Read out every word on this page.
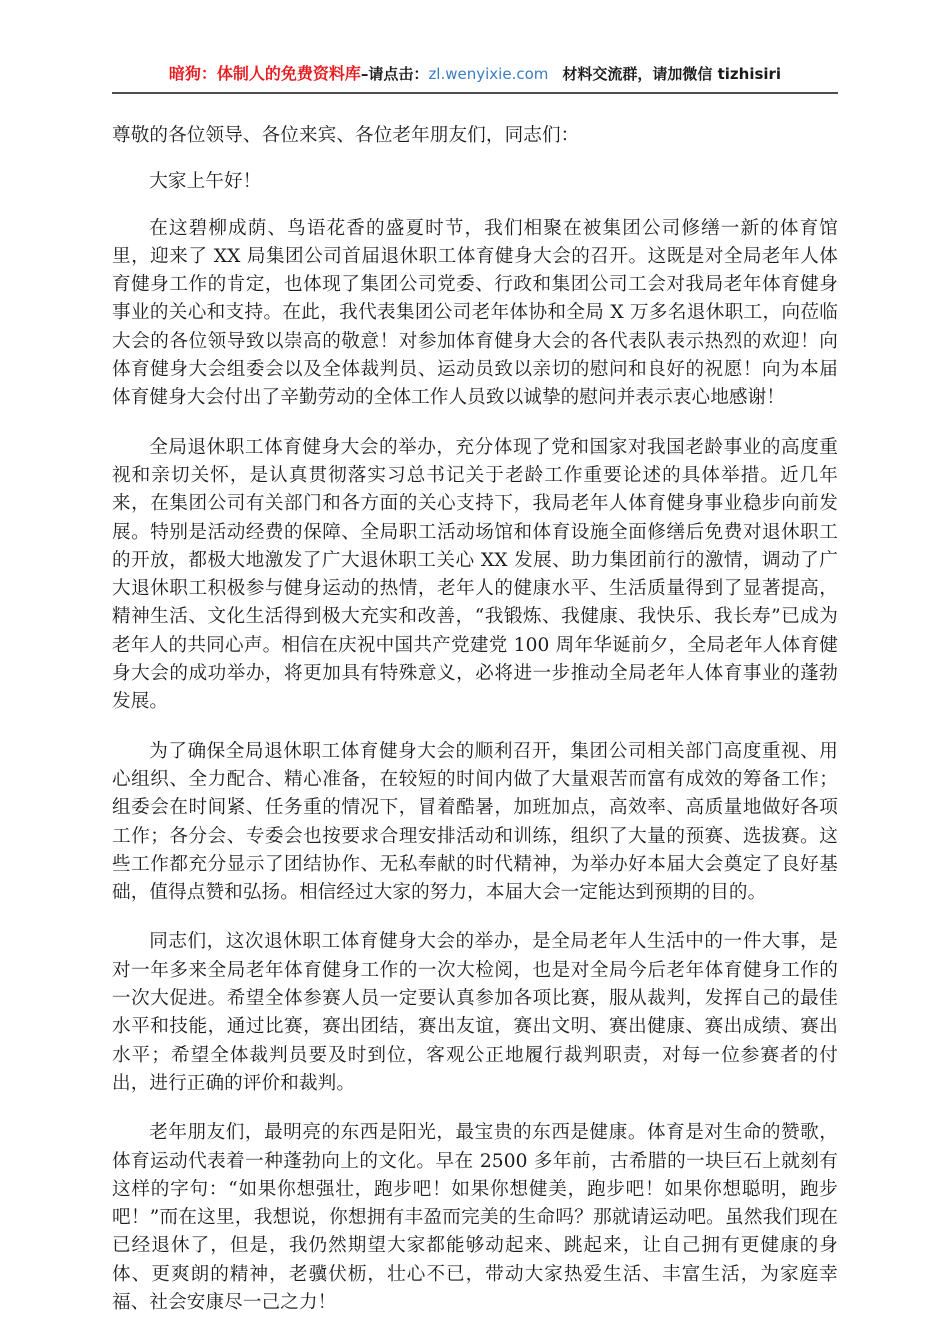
暗狗：体制人的免费资料库–请点击：zl.wenyixie.com 材料交流群，请加微信 tizhisiri

尊敬的各位领导、各位来宾、各位老年朋友们，同志们：

大家上午好！

在这碧柳成荫、鸟语花香的盛夏时节，我们相聚在被集团公司修缮一新的体育馆里，迎来了 XX 局集团公司首届退休职工体育健身大会的召开。这既是对全局老年人体育健身工作的肯定，也体现了集团公司党委、行政和集团公司工会对我局老年体育健身事业的关心和支持。在此，我代表集团公司老年体协和全局 X 万多名退休职工，向莅临大会的各位领导致以崇高的敬意！对参加体育健身大会的各代表队表示热烈的欢迎！向体育健身大会组委会以及全体裁判员、运动员致以亲切的慰问和良好的祝愿！向为本届体育健身大会付出了辛勤劳动的全体工作人员致以诚挚的慰问并表示衷心地感谢！

全局退休职工体育健身大会的举办，充分体现了党和国家对我国老龄事业的高度重视和亲切关怀，是认真贯彻落实习总书记关于老龄工作重要论述的具体举措。近几年来，在集团公司有关部门和各方面的关心支持下，我局老年人体育健身事业稳步向前发展。特别是活动经费的保障、全局职工活动场馆和体育设施全面修缮后免费对退休职工的开放，都极大地激发了广大退休职工关心 XX 发展、助力集团前行的激情，调动了广大退休职工积极参与健身运动的热情，老年人的健康水平、生活质量得到了显著提高，精神生活、文化生活得到极大充实和改善，“我锻炼、我健康、我快乐、我长寿”已成为老年人的共同心声。相信在庆祝中国共产党建党 100 周年华诞前夕，全局老年人体育健身大会的成功举办，将更加具有特殊意义，必将进一步推动全局老年人体育事业的蓬勃发展。

为了确保全局退休职工体育健身大会的顺利召开，集团公司相关部门高度重视、用心组织、全力配合、精心准备，在较短的时间内做了大量艰苦而富有成效的筹备工作；组委会在时间紧、任务重的情况下，冒着酷暑，加班加点，高效率、高质量地做好各项工作；各分会、专委会也按要求合理安排活动和训练，组织了大量的预赛、选拔赛。这些工作都充分显示了团结协作、无私奉献的时代精神，为举办好本届大会奠定了良好基础，值得点赞和弘扬。相信经过大家的努力，本届大会一定能达到预期的目的。

同志们，这次退休职工体育健身大会的举办，是全局老年人生活中的一件大事，是对一年多来全局老年体育健身工作的一次大检阅，也是对全局今后老年体育健身工作的一次大促进。希望全体参赛人员一定要认真参加各项比赛，服从裁判，发挥自己的最佳水平和技能，通过比赛，赛出团结，赛出友谊，赛出文明、赛出健康、赛出成绩、赛出水平；希望全体裁判员要及时到位，客观公正地履行裁判职责，对每一位参赛者的付出，进行正确的评价和裁判。

老年朋友们，最明亮的东西是阳光，最宝贵的东西是健康。体育是对生命的赞歌，体育运动代表着一种蓬勃向上的文化。早在 2500 多年前，古希腊的一块巨石上就刻有这样的字句：“如果你想强壮，跑步吧！如果你想健美，跑步吧！如果你想聪明，跑步吧！”而在这里，我想说，你想拥有丰盈而完美的生命吗？那就请运动吧。虽然我们现在已经退休了，但是，我仍然期望大家都能够动起来、跳起来，让自己拥有更健康的身体、更爽朗的精神，老骥伏枥，壮心不已，带动大家热爱生活、丰富生活，为家庭幸福、社会安康尽一己之力！
